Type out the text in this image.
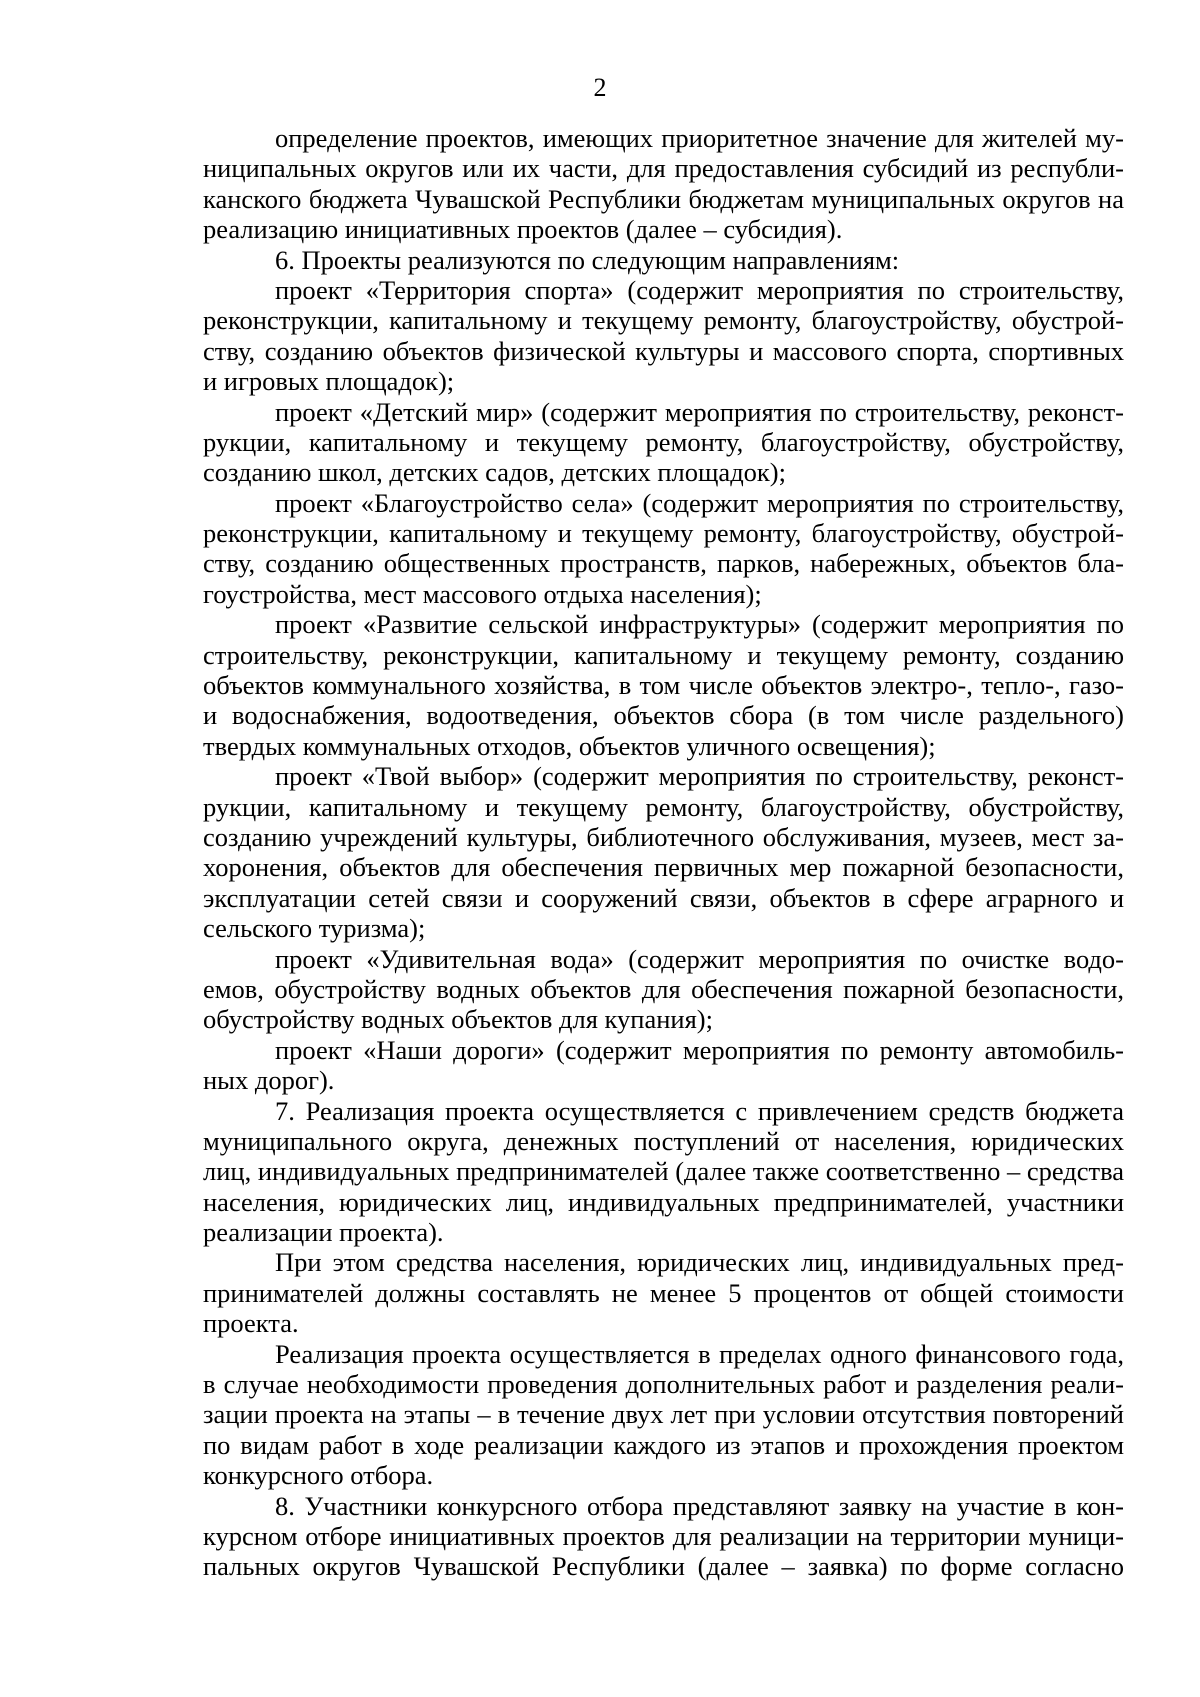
2
определение проектов, имеющих приоритетное значение для жителей му-
ниципальных округов или их части, для предоставления субсидий из республи-
канского бюджета Чувашской Республики бюджетам муниципальных округов на
реализацию инициативных проектов (далее – субсидия).
6. Проекты реализуются по следующим направлениям:
проект «Территория спорта» (содержит мероприятия по строительству,
реконструкции, капитальному и текущему ремонту, благоустройству, обустрой-
ству, созданию объектов физической культуры и массового спорта, спортивных
и игровых площадок);
проект «Детский мир» (содержит мероприятия по строительству, реконст-
рукции, капитальному и текущему ремонту, благоустройству, обустройству,
созданию школ, детских садов, детских площадок);
проект «Благоустройство села» (содержит мероприятия по строительству,
реконструкции, капитальному и текущему ремонту, благоустройству, обустрой-
ству, созданию общественных пространств, парков, набережных, объектов бла-
гоустройства, мест массового отдыха населения);
проект «Развитие сельской инфраструктуры» (содержит мероприятия по
строительству, реконструкции, капитальному и текущему ремонту, созданию
объектов коммунального хозяйства, в том числе объектов электро-, тепло-, газо-
и водоснабжения, водоотведения, объектов сбора (в том числе раздельного)
твердых коммунальных отходов, объектов уличного освещения);
проект «Твой выбор» (содержит мероприятия по строительству, реконст-
рукции, капитальному и текущему ремонту, благоустройству, обустройству,
созданию учреждений культуры, библиотечного обслуживания, музеев, мест за-
хоронения, объектов для обеспечения первичных мер пожарной безопасности,
эксплуатации сетей связи и сооружений связи, объектов в сфере аграрного и
сельского туризма);
проект «Удивительная вода» (содержит мероприятия по очистке водо-
емов, обустройству водных объектов для обеспечения пожарной безопасности,
обустройству водных объектов для купания);
проект «Наши дороги» (содержит мероприятия по ремонту автомобиль-
ных дорог).
7. Реализация проекта осуществляется с привлечением средств бюджета
муниципального округа, денежных поступлений от населения, юридических
лиц, индивидуальных предпринимателей (далее также соответственно – средства
населения, юридических лиц, индивидуальных предпринимателей, участники
реализации проекта).
При этом средства населения, юридических лиц, индивидуальных пред-
принимателей должны составлять не менее 5 процентов от общей стоимости
проекта.
Реализация проекта осуществляется в пределах одного финансового года,
в случае необходимости проведения дополнительных работ и разделения реали-
зации проекта на этапы – в течение двух лет при условии отсутствия повторений
по видам работ в ходе реализации каждого из этапов и прохождения проектом
конкурсного отбора.
8. Участники конкурсного отбора представляют заявку на участие в кон-
курсном отборе инициативных проектов для реализации на территории муници-
пальных округов Чувашской Республики (далее – заявка) по форме согласно
